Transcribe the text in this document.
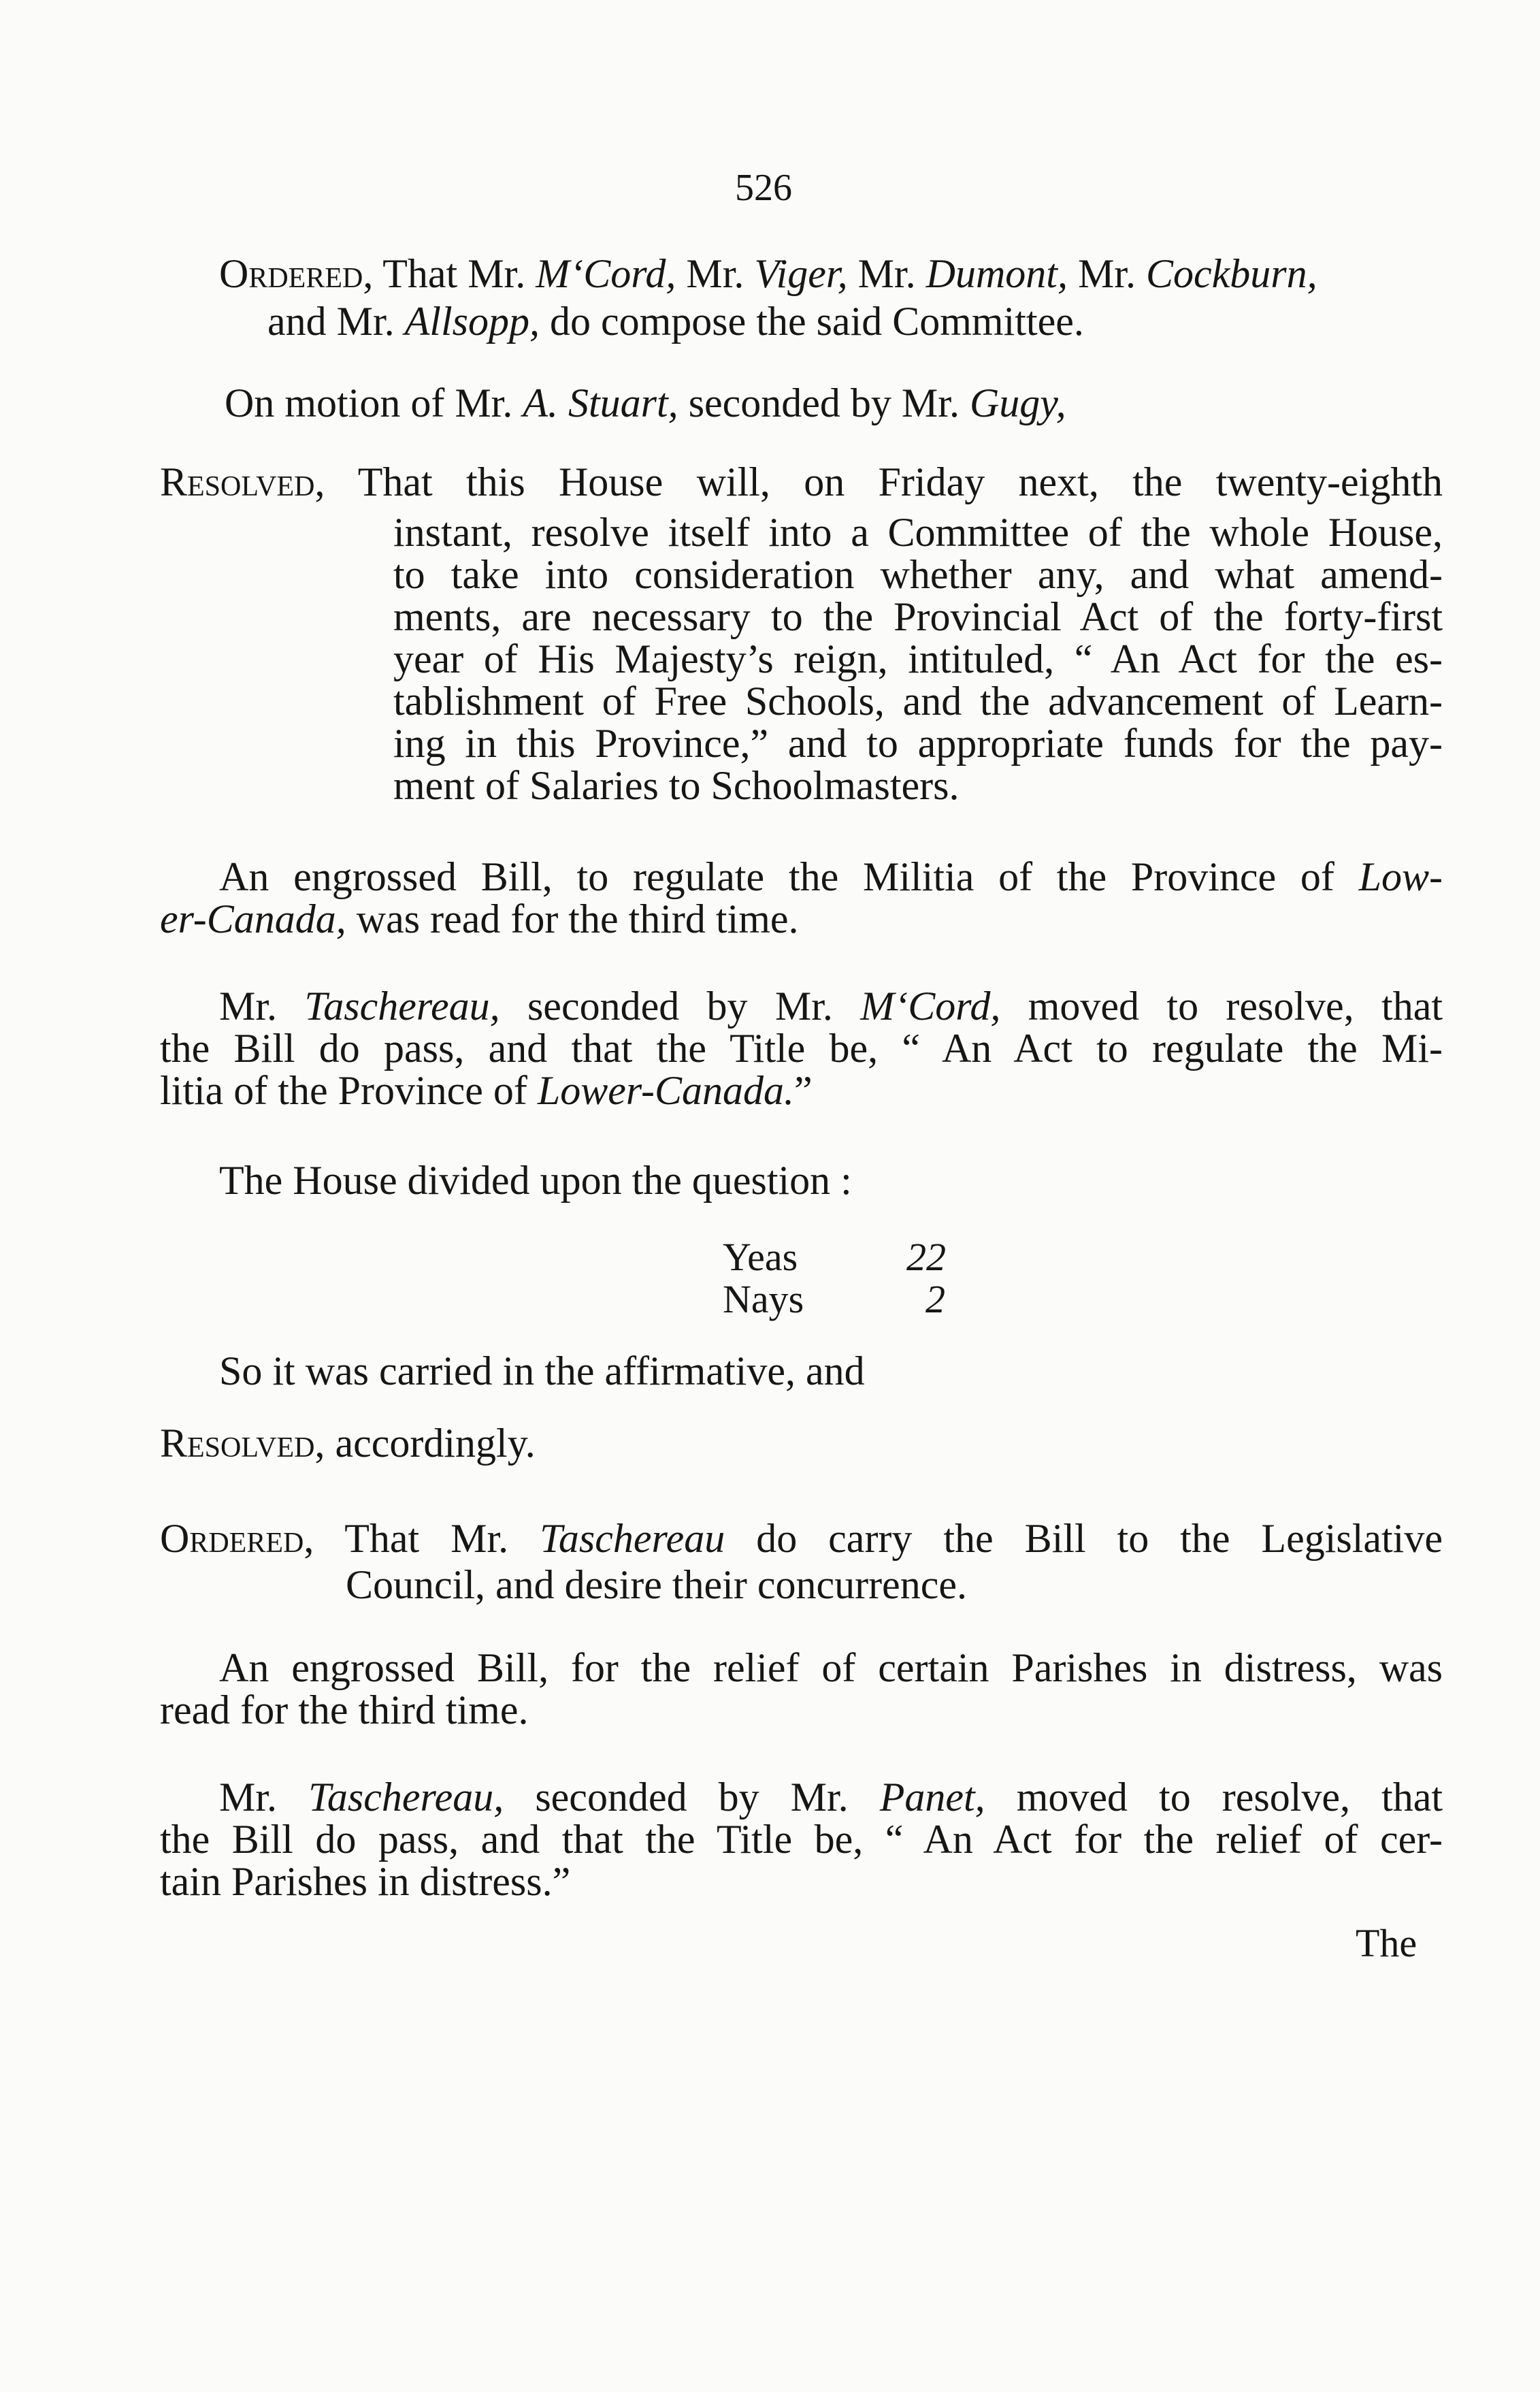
526
Ordered, That Mr. M‘Cord, Mr. Viger, Mr. Dumont, Mr. Cockburn,
and Mr. Allsopp, do compose the said Committee.
On motion of Mr. A. Stuart, seconded by Mr. Gugy,
Resolved, That this House will, on Friday next, the twenty-eighth
instant, resolve itself into a Committee of the whole House,
to take into consideration whether any, and what amend-
ments, are necessary to the Provincial Act of the forty-first
year of His Majesty’s reign, intituled, “ An Act for the es-
tablishment of Free Schools, and the advancement of Learn-
ing in this Province,” and to appropriate funds for the pay-
ment of Salaries to Schoolmasters.
An engrossed Bill, to regulate the Militia of the Province of Low-
er-Canada, was read for the third time.
Mr. Taschereau, seconded by Mr. M‘Cord, moved to resolve, that
the Bill do pass, and that the Title be, “ An Act to regulate the Mi-
litia of the Province of Lower-Canada.”
The House divided upon the question :
Yeas	22
Nays	2
So it was carried in the affirmative, and
Resolved, accordingly.
Ordered, That Mr. Taschereau do carry the Bill to the Legislative
Council, and desire their concurrence.
An engrossed Bill, for the relief of certain Parishes in distress, was
read for the third time.
Mr. Taschereau, seconded by Mr. Panet, moved to resolve, that
the Bill do pass, and that the Title be, “ An Act for the relief of cer-
tain Parishes in distress.”
The
